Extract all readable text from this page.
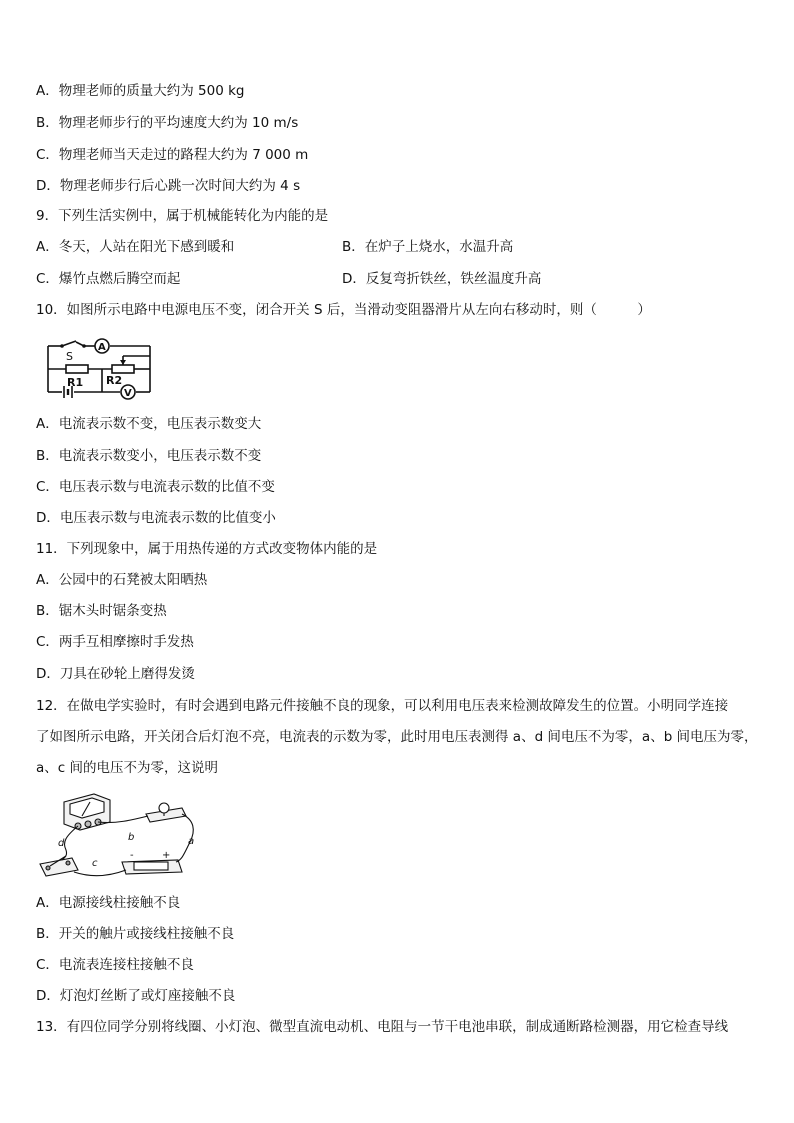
A．物理老师的质量大约为 500 kg
B．物理老师步行的平均速度大约为 10 m/s
C．物理老师当天走过的路程大约为 7 000 m
D．物理老师步行后心跳一次时间大约为 4 s
9．下列生活实例中，属于机械能转化为内能的是
A．冬天，人站在阳光下感到暖和	B．在炉子上烧水，水温升高
C．爆竹点燃后腾空而起	D．反复弯折铁丝，铁丝温度升高
10．如图所示电路中电源电压不变，闭合开关 S 后，当滑动变阻器滑片从左向右移动时，则（　　　）
S
A
V
R1 R2
A．电流表示数不变，电压表示数变大
B．电流表示数变小，电压表示数不变
C．电压表示数与电流表示数的比值不变
D．电压表示数与电流表示数的比值变小
11．下列现象中，属于用热传递的方式改变物体内能的是
A．公园中的石凳被太阳晒热
B．锯木头时锯条变热
C．两手互相摩擦时手发热
D．刀具在砂轮上磨得发烫
12．在做电学实验时，有时会遇到电路元件接触不良的现象，可以利用电压表来检测故障发生的位置。小明同学连接
了如图所示电路，开关闭合后灯泡不亮，电流表的示数为零，此时用电压表测得 a、d 间电压不为零，a、b 间电压为零，
a、c 间的电压不为零，这说明
b	a
c
d
-	+
A．电源接线柱接触不良
B．开关的触片或接线柱接触不良
C．电流表连接柱接触不良
D．灯泡灯丝断了或灯座接触不良
13．有四位同学分别将线圈、小灯泡、微型直流电动机、电阻与一节干电池串联，制成通断路检测器，用它检查导线
